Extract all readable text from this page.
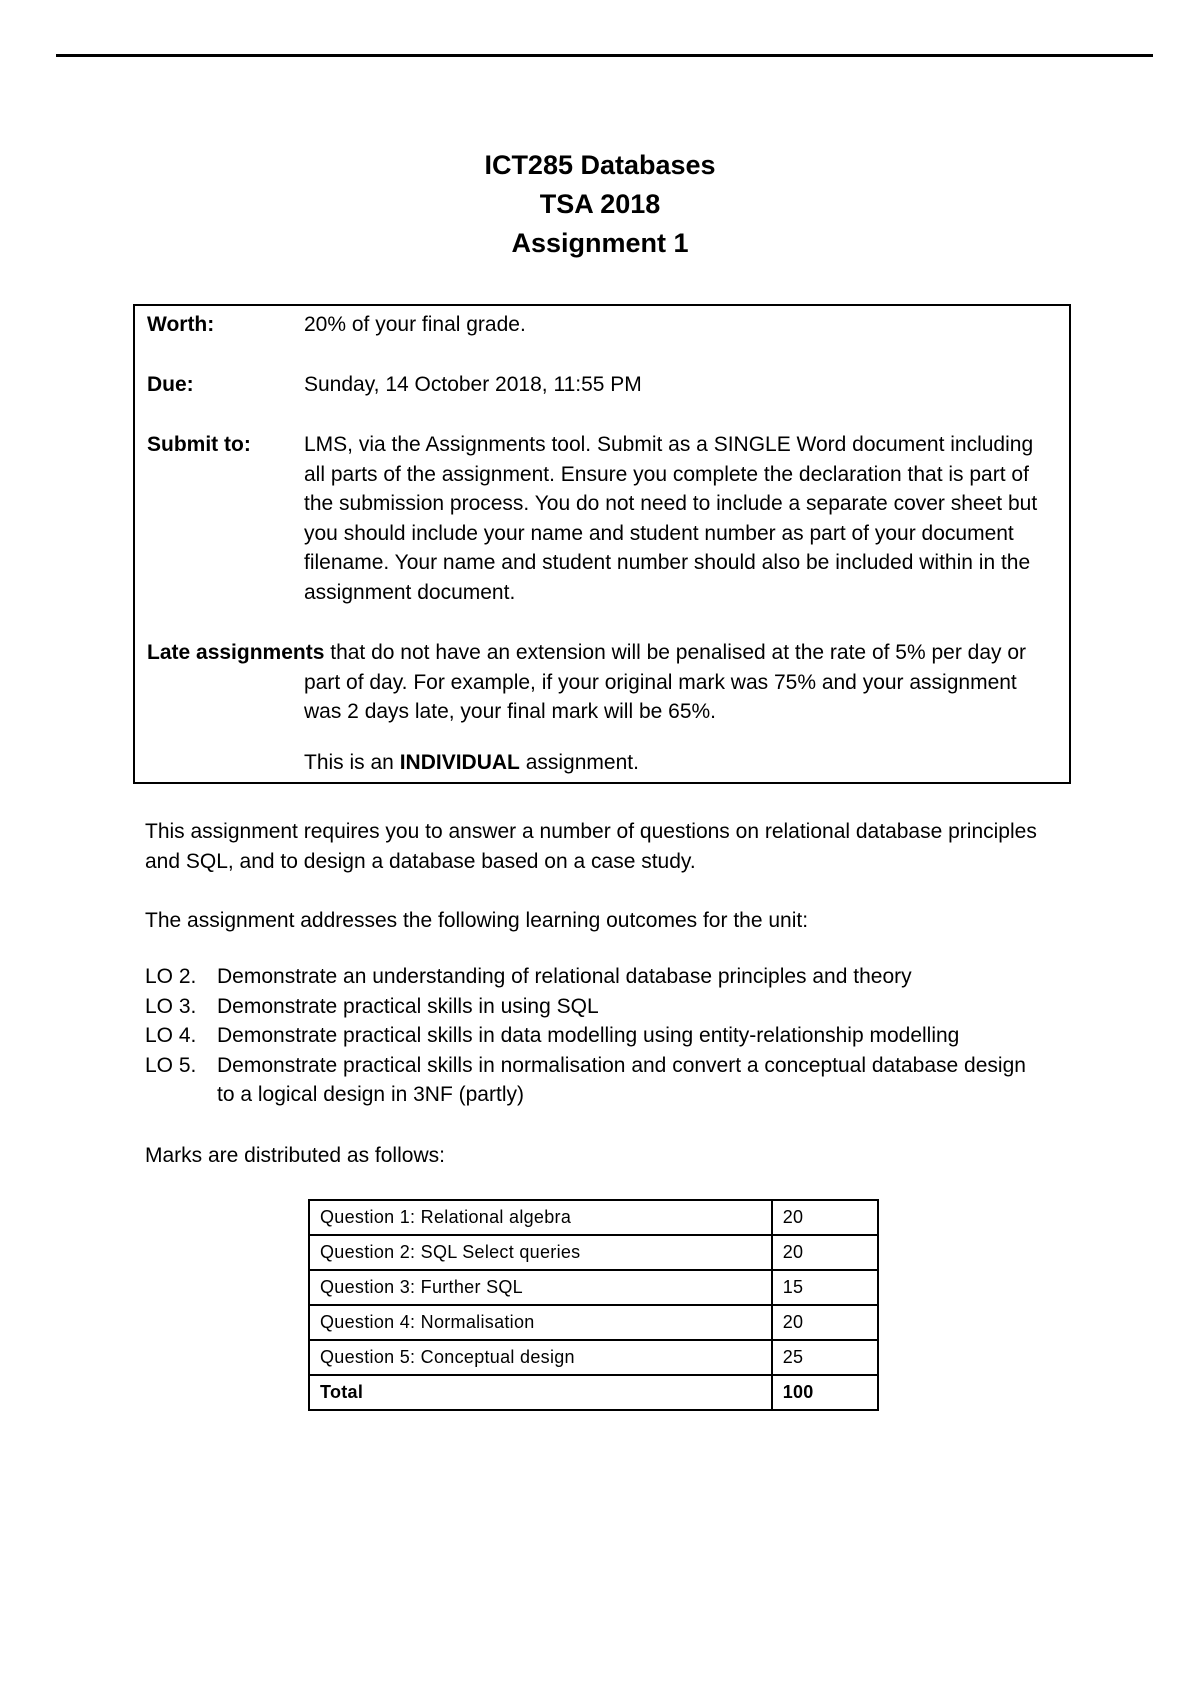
ICT285 Databases
TSA 2018
Assignment 1
Worth:	20% of your final grade.
Due:	Sunday, 14 October 2018, 11:55 PM
Submit to:	LMS, via the Assignments tool. Submit as a SINGLE Word document including all parts of the assignment. Ensure you complete the declaration that is part of the submission process. You do not need to include a separate cover sheet but you should include your name and student number as part of your document filename. Your name and student number should also be included within in the assignment document.
Late assignments that do not have an extension will be penalised at the rate of 5% per day or part of day. For example, if your original mark was 75% and your assignment was 2 days late, your final mark will be 65%.
This is an INDIVIDUAL assignment.
This assignment requires you to answer a number of questions on relational database principles and SQL, and to design a database based on a case study.
The assignment addresses the following learning outcomes for the unit:
LO 2. Demonstrate an understanding of relational database principles and theory
LO 3. Demonstrate practical skills in using SQL
LO 4. Demonstrate practical skills in data modelling using entity-relationship modelling
LO 5. Demonstrate practical skills in normalisation and convert a conceptual database design to a logical design in 3NF (partly)
Marks are distributed as follows:
Question 1: Relational algebra	20
Question 2: SQL Select queries	20
Question 3: Further SQL	15
Question 4: Normalisation	20
Question 5: Conceptual design	25
Total	100
